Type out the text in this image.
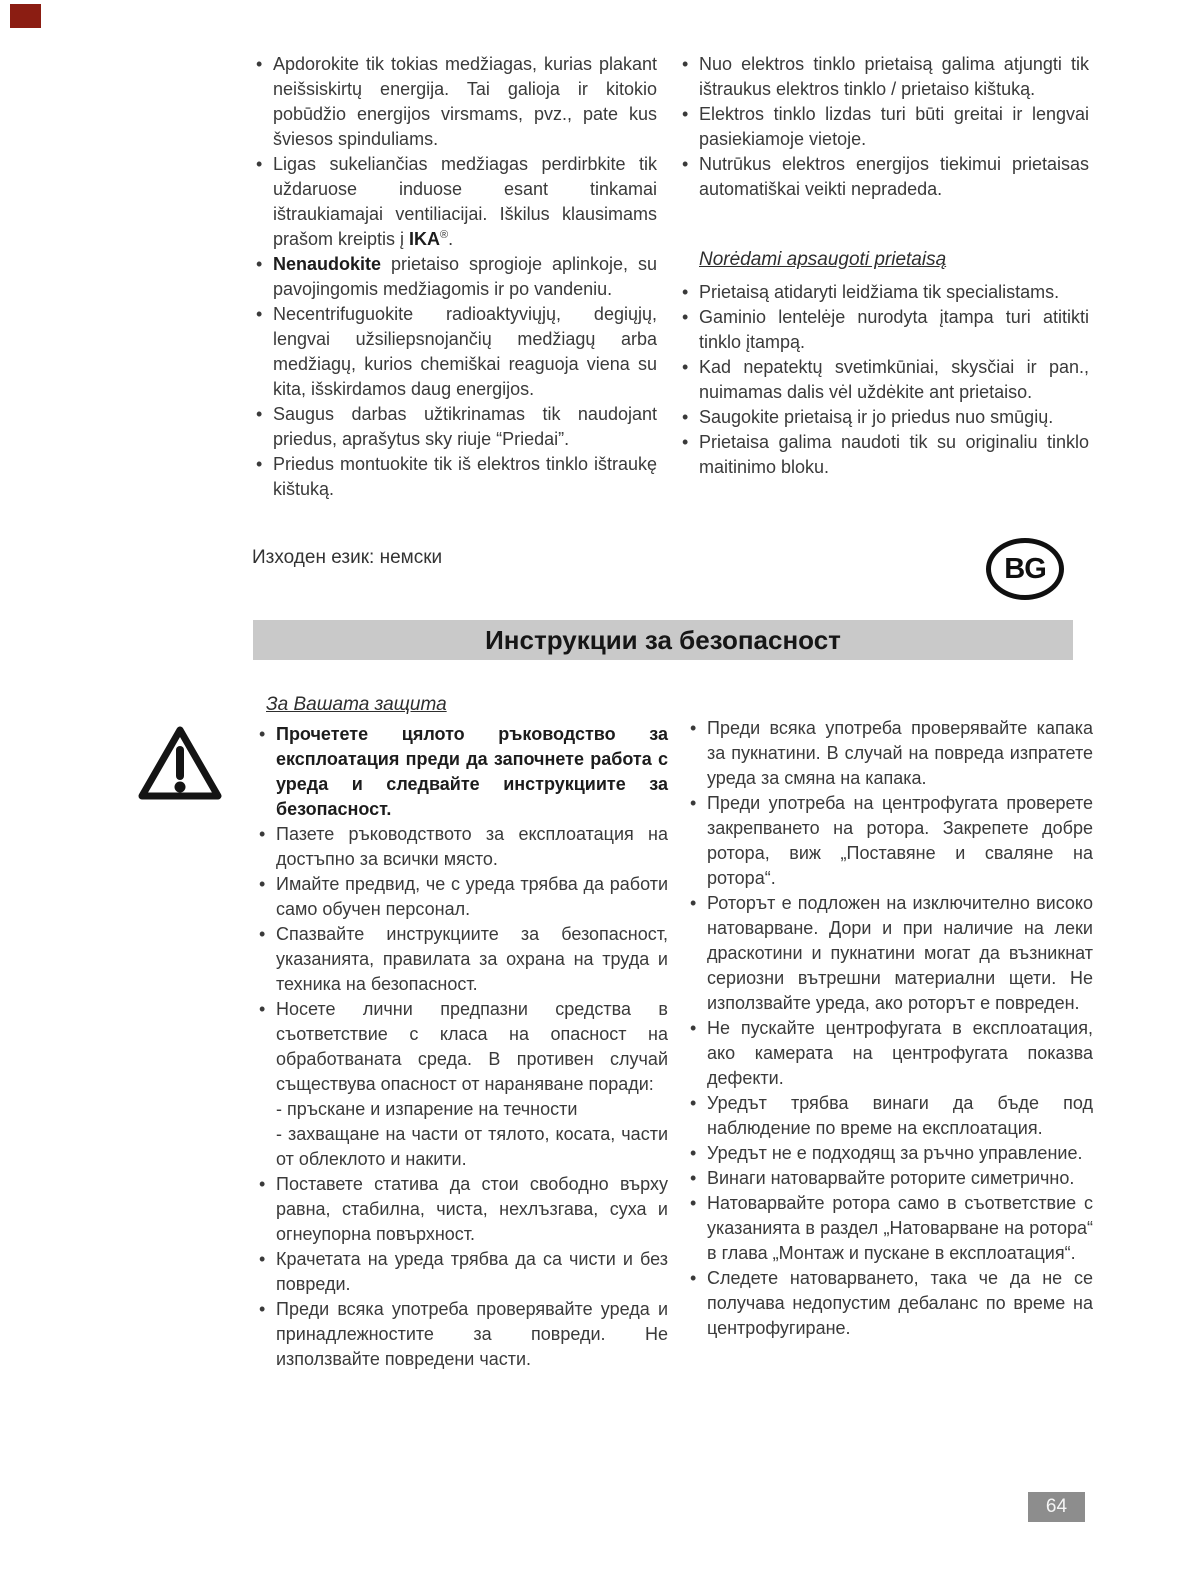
• Apdorokite tik tokias medžiagas, kurias plakant neišsiskirtų energija. Tai galioja ir kitokio pobūdžio energijos virsmams, pvz., pate kus šviesos spinduliams.
• Ligas sukeliančias medžiagas perdirbkite tik uždaruose induose esant tinkamai ištraukiamajai ventiliacijai. Iškilus klausimams prašom kreiptis į IKA®.
• Nenaudokite prietaiso sprogioje aplinkoje, su pavojingomis medžiagomis ir po vandeniu.
• Necentrifuguokite radioaktyviųjų, degiųjų, lengvai užsiliepsnojančių medžiagų arba medžiagų, kurios chemiškai reaguoja viena su kita, išskirdamos daug energijos.
• Saugus darbas užtikrinamas tik naudojant priedus, aprašytus sky riuje “Priedai”.
• Priedus montuokite tik iš elektros tinklo ištraukę kištuką.
• Nuo elektros tinklo prietaisą galima atjungti tik ištraukus elektros tinklo / prietaiso kištuką.
• Elektros tinklo lizdas turi būti greitai ir lengvai pasiekiamoje vietoje.
• Nutrūkus elektros energijos tiekimui prietaisas automatiškai veikti nepradeda.
Norėdami apsaugoti prietaisą
• Prietaisą atidaryti leidžiama tik specialistams.
• Gaminio lentelėje nurodyta įtampa turi atitikti tinklo įtampą.
• Kad nepatektų svetimkūniai, skysčiai ir pan., nuimamas dalis vėl uždėkite ant prietaiso.
• Saugokite prietaisą ir jo priedus nuo smūgių.
• Prietaisa galima naudoti tik su originaliu tinklo maitinimo bloku.
Изходен език: немски	BG
Инструкции за безопасност
За Вашата защита
• Прочетете цялото ръководство за експлоатация преди да започнете работа с уреда и следвайте инструкциите за безопасност.
• Пазете ръководството за експлоатация на достъпно за всички място.
• Имайте предвид, че с уреда трябва да работи само обучен персонал.
• Спазвайте инструкциите за безопасност, указанията, правилата за охрана на труда и техника на безопасност.
• Носете лични предпазни средства в съответствие с класа на опасност на обработваната среда. В противен случай съществува опасност от нараняване поради:
- пръскане и изпарение на течности
- захващане на части от тялото, косата, части от облеклото и накити.
• Поставете статива да стои свободно върху равна, стабилна, чиста, нехлъзгава, суха и огнеупорна повърхност.
• Крачетата на уреда трябва да са чисти и без повреди.
• Преди всяка употреба проверявайте уреда и принадлежностите за повреди. Не използвайте повредени части.
• Преди всяка употреба проверявайте капака за пукнатини. В случай на повреда изпратете уреда за смяна на капака.
• Преди употреба на центрофугата проверете закрепването на ротора. Закрепете добре ротора, виж „Поставяне и сваляне на ротора“.
• Роторът е подложен на изключително високо натоварване. Дори и при наличие на леки драскотини и пукнатини могат да възникнат сериозни вътрешни материални щети. Не използвайте уреда, ако роторът е повреден.
• Не пускайте центрофугата в експлоатация, ако камерата на центрофугата показва дефекти.
• Уредът трябва винаги да бъде под наблюдение по време на експлоатация.
• Уредът не е подходящ за ръчно управление.
• Винаги натоварвайте роторите симетрично.
• Натоварвайте ротора само в съответствие с указанията в раздел „Натоварване на ротора“ в глава „Монтаж и пускане в експлоатация“.
• Следете натоварването, така че да не се получава недопустим дебаланс по време на центрофугиране.
64
